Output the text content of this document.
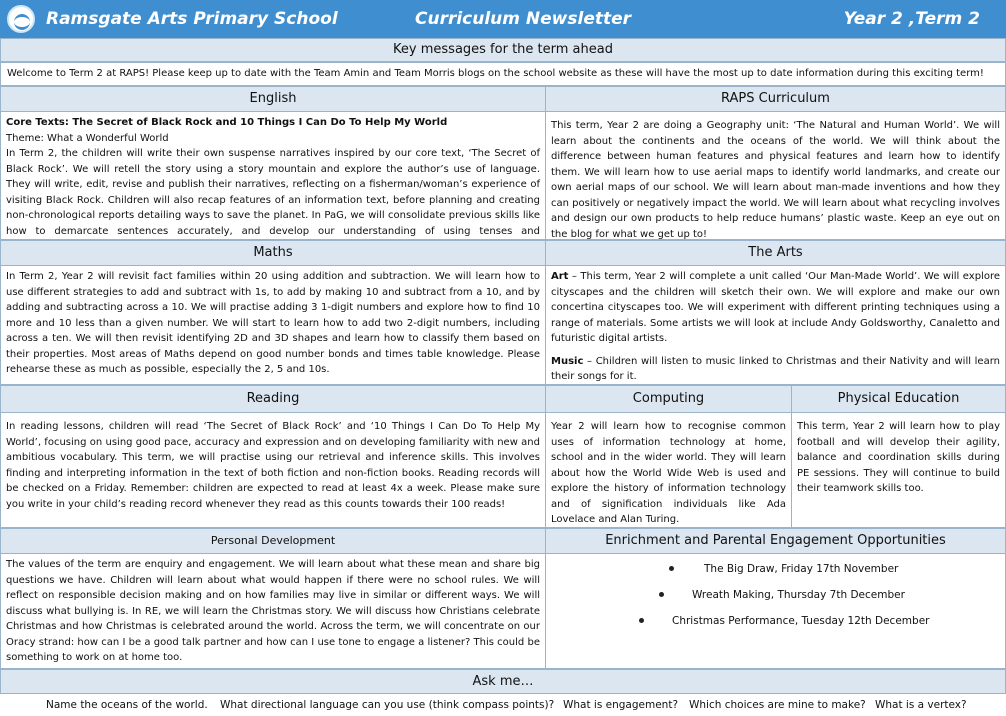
Ramsgate Arts Primary School	Curriculum Newsletter	Year 2 ,Term 2
Key messages for the term ahead
Welcome to Term 2 at RAPS! Please keep up to date with the Team Amin and Team Morris blogs on the school website as these will have the most up to date information during this exciting term!
English	RAPS Curriculum

Core Texts: The Secret of Black Rock and 10 Things I Can Do To Help My World

Theme: What a Wonderful World

In Term 2, the children will write their own suspense narratives inspired by our core text, ‘The Secret of Black Rock’. We will retell the story using a story mountain and explore the author’s use of language. They will write, edit, revise and publish their narratives, reflecting on a fisherman/woman’s experience of visiting Black Rock. Children will also recap features of an information text, before planning and creating non-chronological reports detailing ways to save the planet. In PaG, we will consolidate previous skills like how to demarcate sentences accurately, and develop our understanding of using tenses and

This term, Year 2 are doing a Geography unit: ‘The Natural and Human World’. We will learn about the continents and the oceans of the world. We will think about the difference between human features and physical features and learn how to identify them. We will learn how to use aerial maps to identify world landmarks, and create our own aerial maps of our school. We will learn about man-made inventions and how they can positively or negatively impact the world. We will learn about what recycling involves and design our own products to help reduce humans’ plastic waste. Keep an eye out on the blog for what we get up to!

Maths	The Arts

In Term 2, Year 2 will revisit fact families within 20 using addition and subtraction. We will learn how to use different strategies to add and subtract with 1s, to add by making 10 and subtract from a 10, and by adding and subtracting across a 10. We will practise adding 3 1-digit numbers and explore how to find 10 more and 10 less than a given number. We will start to learn how to add two 2-digit numbers, including across a ten. We will then revisit identifying 2D and 3D shapes and learn how to classify them based on their properties. Most areas of Maths depend on good number bonds and times table knowledge. Please rehearse these as much as possible, especially the 2, 5 and 10s.

Art – This term, Year 2 will complete a unit called ‘Our Man-Made World’. We will explore cityscapes and the children will sketch their own. We will explore and make our own concertina cityscapes too. We will experiment with different printing techniques using a range of materials. Some artists we will look at include Andy Goldsworthy, Canaletto and futuristic digital artists.

Music – Children will listen to music linked to Christmas and their Nativity and will learn their songs for it.

Reading	Computing	Physical Education

In reading lessons, children will read ‘The Secret of Black Rock’ and ‘10 Things I Can Do To Help My World’, focusing on using good pace, accuracy and expression and on developing familiarity with new and ambitious vocabulary. This term, we will practise using our retrieval and inference skills. This involves finding and interpreting information in the text of both fiction and non-fiction books. Reading records will be checked on a Friday. Remember: children are expected to read at least 4x a week. Please make sure you write in your child’s reading record whenever they read as this counts towards their 100 reads!

Year 2 will learn how to recognise common uses of information technology at home, school and in the wider world. They will learn about how the World Wide Web is used and explore the history of information technology and of signification individuals like Ada Lovelace and Alan Turing.

This term, Year 2 will learn how to play football and will develop their agility, balance and coordination skills during PE sessions. They will continue to build their teamwork skills too.

Personal Development	Enrichment and Parental Engagement Opportunities

The values of the term are enquiry and engagement. We will learn about what these mean and share big questions we have. Children will learn about what would happen if there were no school rules. We will reflect on responsible decision making and on how families may live in similar or different ways. We will discuss what bullying is. In RE, we will learn the Christmas story. We will discuss how Christians celebrate Christmas and how Christmas is celebrated around the world. Across the term, we will concentrate on our Oracy strand: how can I be a good talk partner and how can I use tone to engage a listener? This could be something to work on at home too.

The Big Draw, Friday 17th November
Wreath Making, Thursday 7th December
Christmas Performance, Tuesday 12th December
Ask me…
Name the oceans of the world. What directional language can you use (think compass points)? What is engagement? Which choices are mine to make? What is a vertex?
